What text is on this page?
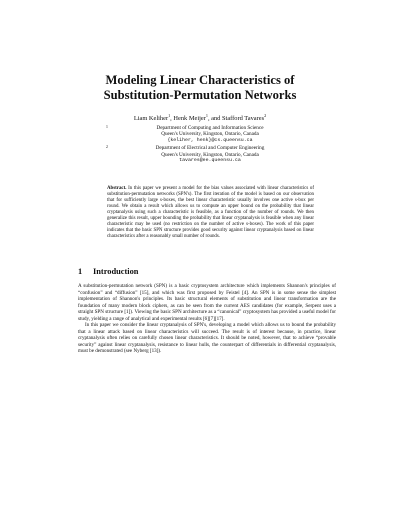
Modeling Linear Characteristics of
Substitution-Permutation Networks
Liam Keliher$^1$, Henk Meijer$^1$, and Stafford Tavares$^2$
1	Department of Computing and Information Science
Queen's University, Kingston, Ontario, Canada
{keliher, henk}@cs.queensu.ca
2	Department of Electrical and Computer Engineering
Queen's University, Kingston, Ontario, Canada
tavares@ee.queensu.ca

Abstract. In this paper we present a model for the bias values associated with linear characteristics of substitution-permutation networks (SPN's). The first iteration of the model is based on our observation that for sufficiently large s-boxes, the best linear characteristic usually involves one active s-box per round. We obtain a result which allows us to compute an upper bound on the probability that linear cryptanalysis using such a characteristic is feasible, as a function of the number of rounds. We then generalize this result, upper bounding the probability that linear cryptanalysis is feasible when any linear characteristic may be used (no restriction on the number of active s-boxes). The work of this paper indicates that the basic SPN structure provides good security against linear cryptanalysis based on linear characteristics after a reasonably small number of rounds.

1 Introduction

A substitution-permutation network (SPN) is a basic cryptosystem architecture which implements Shannon's principles of “confusion” and “diffusion” [15], and which was first proposed by Feistel [4]. An SPN is in some sense the simplest implementation of Shannon's principles. Its basic structural elements of substitution and linear transformation are the foundation of many modern block ciphers, as can be seen from the current AES candidates (for example, Serpent uses a straight SPN structure [1]). Viewing the basic SPN architecture as a “canonical” cryptosystem has provided a useful model for study, yielding a range of analytical and experimental results [6][7][17].

In this paper we consider the linear cryptanalysis of SPN's, developing a model which allows us to bound the probability that a linear attack based on linear characteristics will succeed. The result is of interest because, in practice, linear cryptanalysis often relies on carefully chosen linear characteristics. It should be noted, however, that to achieve “provable security” against linear cryptanalysis, resistance to linear hulls, the counterpart of differentials in differential cryptanalysis, must be demonstrated (see Nyberg [13]).
